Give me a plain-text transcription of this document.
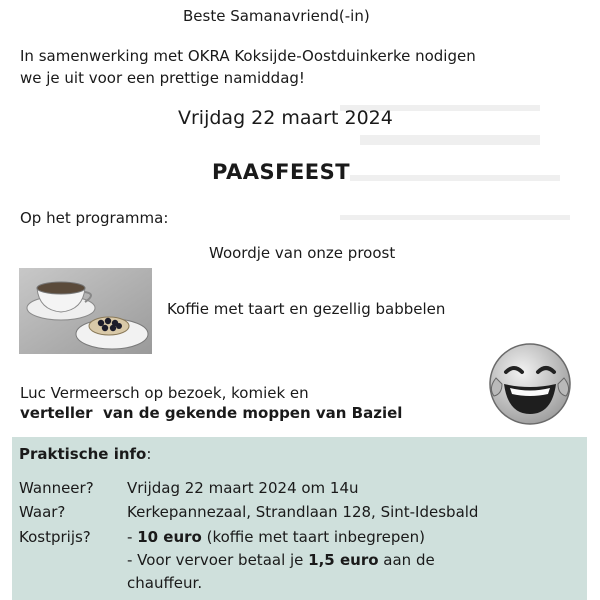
Beste Samanavriend(-in)
In samenwerking met OKRA Koksijde-Oostduinkerke nodigen
we je uit voor een prettige namiddag!
Vrijdag 22 maart 2024
PAASFEEST
Op het programma:
Woordje van onze proost
Koffie met taart en gezellig babbelen
Luc Vermeersch op bezoek, komiek en
verteller  van de gekende moppen van Baziel
Praktische info:
Wanneer? Vrijdag 22 maart 2024 om 14u
Waar?	Kerkepannezaal, Strandlaan 128, Sint-Idesbald
Kostprijs? - 10 euro (koffie met taart inbegrepen)
- Voor vervoer betaal je 1,5 euro aan de
chauffeur.
